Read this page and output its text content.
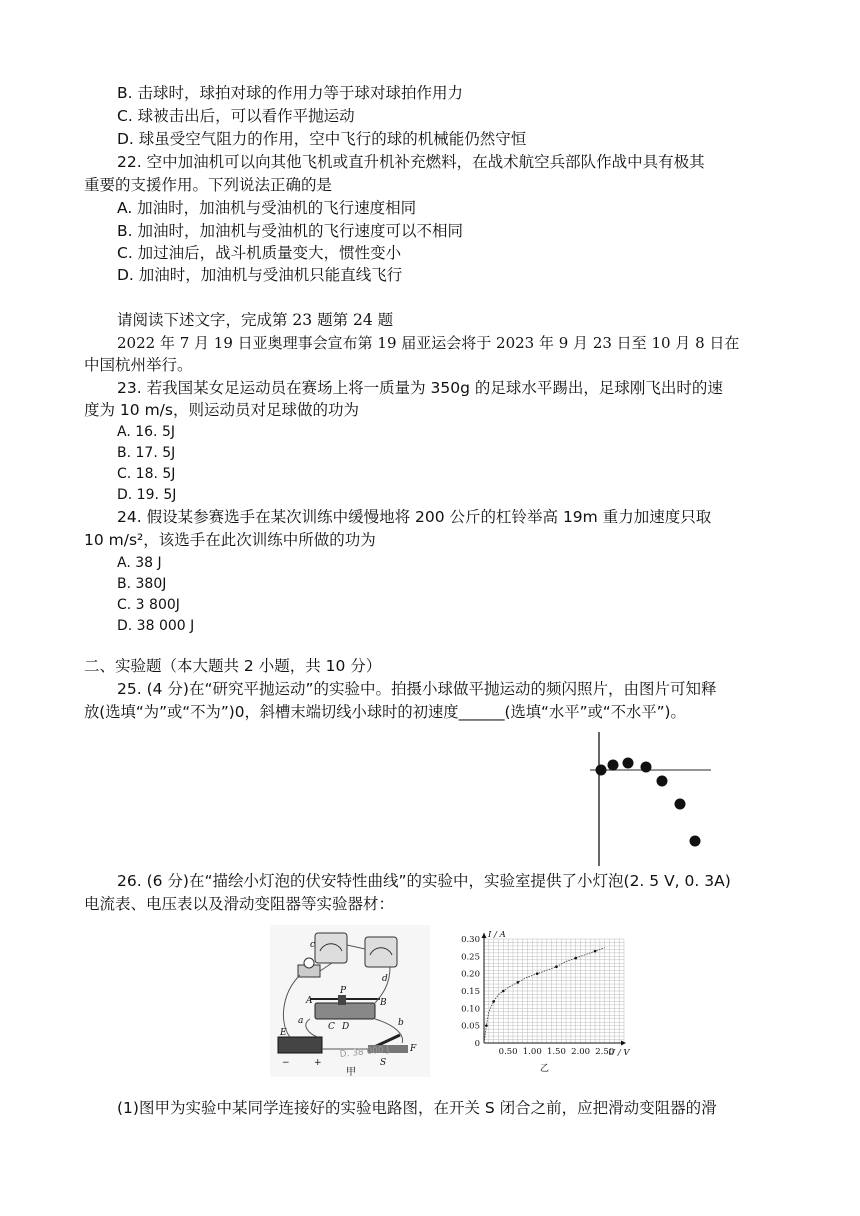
B. 击球时，球拍对球的作用力等于球对球拍作用力
C. 球被击出后，可以看作平抛运动
D. 球虽受空气阻力的作用，空中飞行的球的机械能仍然守恒
22. 空中加油机可以向其他飞机或直升机补充燃料，在战术航空兵部队作战中具有极其
重要的支援作用。下列说法正确的是
A. 加油时，加油机与受油机的飞行速度相同
B. 加油时，加油机与受油机的飞行速度可以不相同
C. 加过油后，战斗机质量变大，惯性变小
D. 加油时，加油机与受油机只能直线飞行
请阅读下述文字，完成第 23 题第 24 题
2022 年 7 月 19 日亚奥理事会宣布第 19 届亚运会将于 2023 年 9 月 23 日至 10 月 8 日在
中国杭州举行。
23. 若我国某女足运动员在赛场上将一质量为 350g 的足球水平踢出，足球刚飞出时的速
度为 10 m/s，则运动员对足球做的功为
A. 16. 5J
B. 17. 5J
C. 18. 5J
D. 19. 5J
24. 假设某参赛选手在某次训练中缓慢地将 200 公斤的杠铃举高 19m 重力加速度只取
10 m/s²，该选手在此次训练中所做的功为
A. 38 J
B. 380J
C. 3 800J
D. 38 000 J
二、实验题（本大题共 2 小题，共 10 分）
25. (4 分)在“研究平抛运动”的实验中。拍摄小球做平抛运动的频闪照片，由图片可知释
放(选填“为”或“不为”)0，斜槽末端切线小球时的初速度______(选填“水平”或“不水平”)。
26. (6 分)在“描绘小灯泡的伏安特性曲线”的实验中，实验室提供了小灯泡(2. 5 V, 0. 3A)
电流表、电压表以及滑动变阻器等实验器材：
c
d
A
P
B
a
C D	b
E
F
S
−	+
D. 38 000 J
甲
0.30
0.25
0.20
0.15
0.10
0.05
0
0.50 1.00 1.50 2.00 2.50
I / A
U / V
乙
(1)图甲为实验中某同学连接好的实验电路图，在开关 S 闭合之前，应把滑动变阻器的滑
